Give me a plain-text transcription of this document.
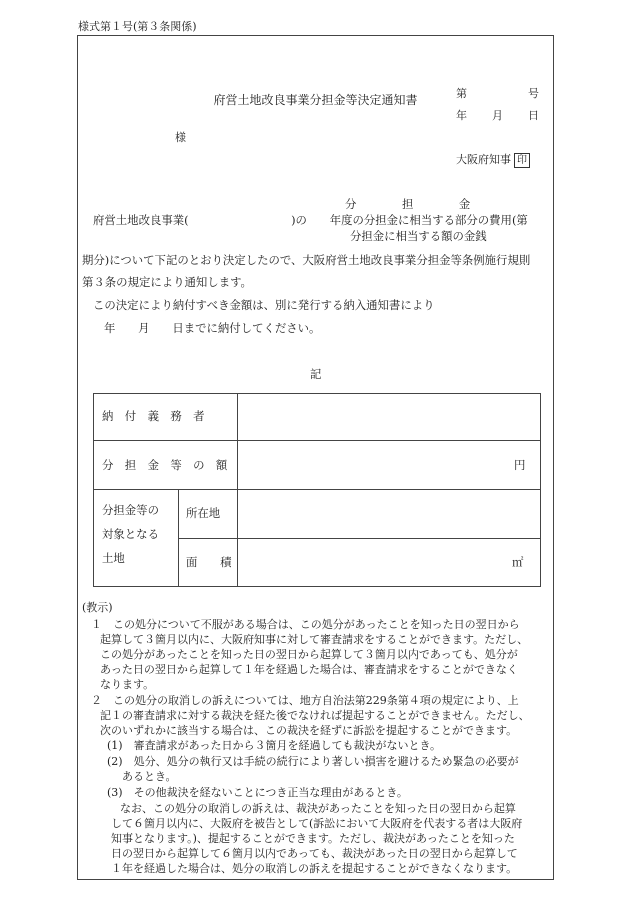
様式第１号(第３条関係)
府営土地改良事業分担金等決定通知書	第	号
年 月 日
様
大阪府知事 印
分　　　　担　　　　金
府営土地改良事業(　　　　　　　　　)の　　年度の分担金に相当する部分の費用(第
分担金に相当する額の金銭
期分)について下記のとおり決定したので、大阪府営土地改良事業分担金等条例施行規則
第３条の規定により通知します。
この決定により納付すべき金額は、別に発行する納入通知書により
年　　月　　日までに納付してください。
記
納　付　義　務　者
分　担　金　等　の　額	円
分担金等の
対象となる
土地
所在地
面　　積	㎡
(教示)
１　この処分について不服がある場合は、この処分があったことを知った日の翌日から
起算して３箇月以内に、大阪府知事に対して審査請求をすることができます。ただし、
この処分があったことを知った日の翌日から起算して３箇月以内であっても、処分が
あった日の翌日から起算して１年を経過した場合は、審査請求をすることができなく
なります。
２　この処分の取消しの訴えについては、地方自治法第229条第４項の規定により、上
記１の審査請求に対する裁決を経た後でなければ提起することができません。ただし、
次のいずれかに該当する場合は、この裁決を経ずに訴訟を提起することができます。
(1)　審査請求があった日から３箇月を経過しても裁決がないとき。
(2)　処分、処分の執行又は手続の続行により著しい損害を避けるため緊急の必要が
あるとき。
(3)　その他裁決を経ないことにつき正当な理由があるとき。
なお、この処分の取消しの訴えは、裁決があったことを知った日の翌日から起算
して６箇月以内に、大阪府を被告として(訴訟において大阪府を代表する者は大阪府
知事となります。)、提起することができます。ただし、裁決があったことを知った
日の翌日から起算して６箇月以内であっても、裁決があった日の翌日から起算して
１年を経過した場合は、処分の取消しの訴えを提起することができなくなります。
